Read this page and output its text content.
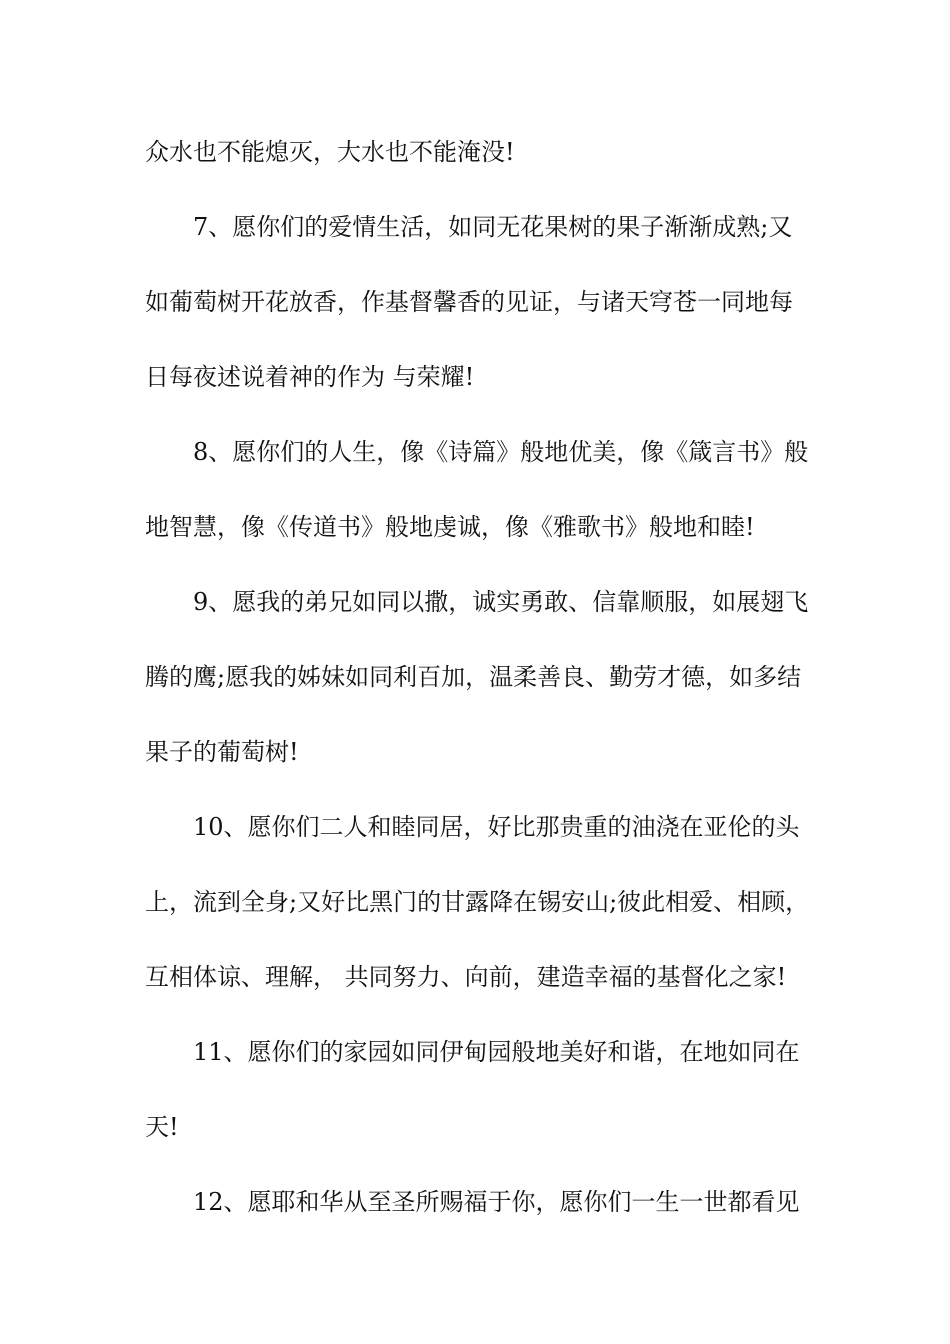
众水也不能熄灭，大水也不能淹没!
7、愿你们的爱情生活，如同无花果树的果子渐渐成熟;又
如葡萄树开花放香，作基督馨香的见证，与诸天穹苍一同地每
日每夜述说着神的作为 与荣耀!
8、愿你们的人生，像《诗篇》般地优美，像《箴言书》般
地智慧，像《传道书》般地虔诚，像《雅歌书》般地和睦!
9、愿我的弟兄如同以撒，诚实勇敢、信靠顺服，如展翅飞
腾的鹰;愿我的姊妹如同利百加，温柔善良、勤劳才德，如多结
果子的葡萄树!
10、愿你们二人和睦同居，好比那贵重的油浇在亚伦的头
上，流到全身;又好比黑门的甘露降在锡安山;彼此相爱、相顾，
互相体谅、理解， 共同努力、向前，建造幸福的基督化之家!
11、愿你们的家园如同伊甸园般地美好和谐，在地如同在
天!
12、愿耶和华从至圣所赐福于你，愿你们一生一世都看见
